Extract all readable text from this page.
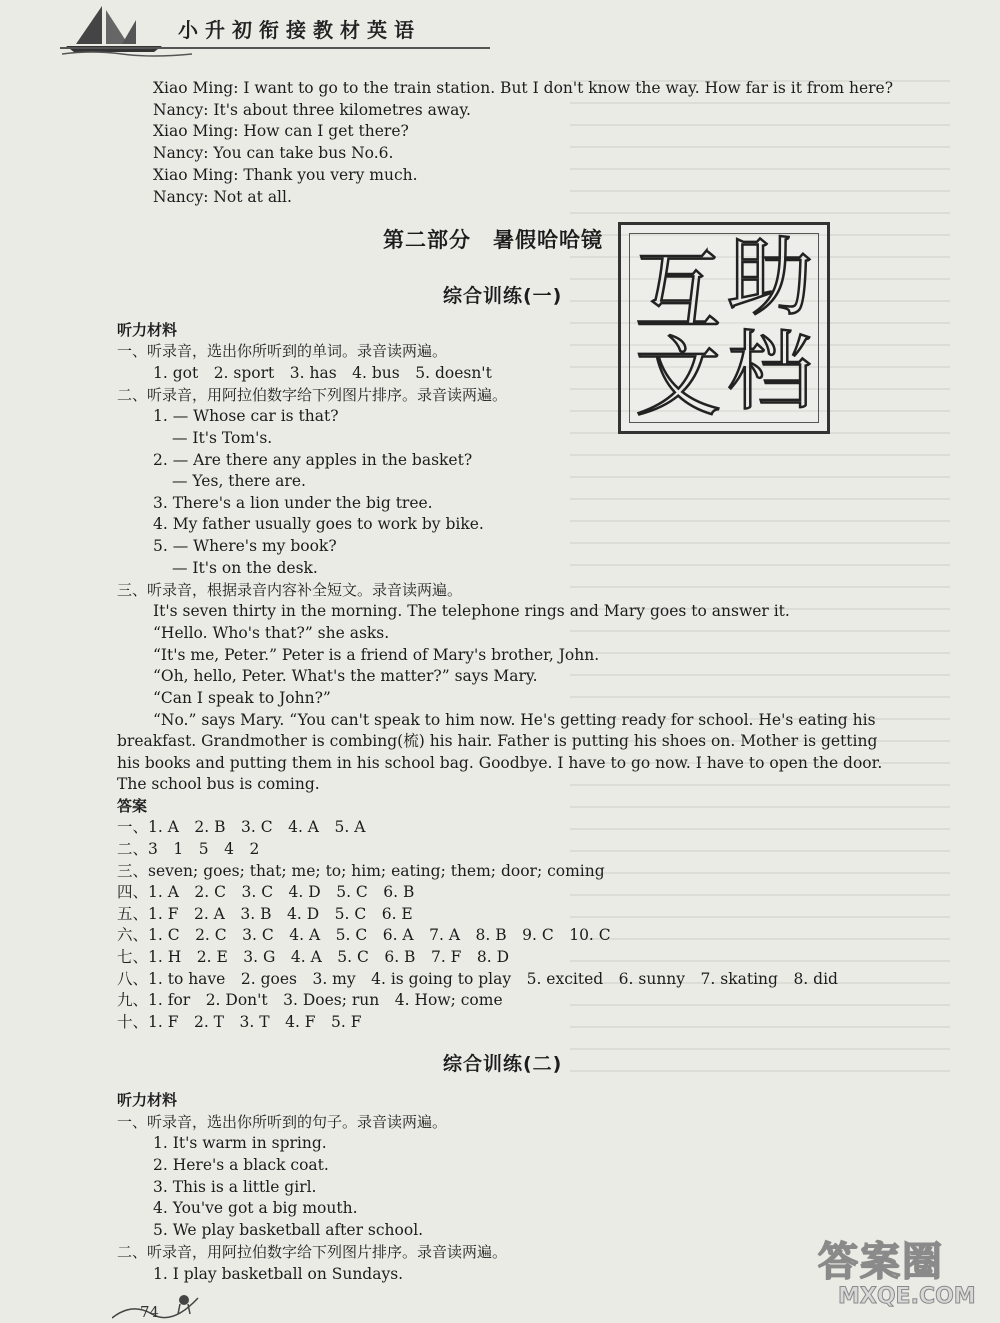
小升初衔接教材英语
Xiao Ming: I want to go to the train station. But I don't know the way. How far is it from here?
Nancy: It's about three kilometres away.
Xiao Ming: How can I get there?
Nancy: You can take bus No.6.
Xiao Ming: Thank you very much.
Nancy: Not at all.
第二部分　暑假哈哈镜
互 助
文 档
综合训练(一)
听力材料
一、听录音，选出你所听到的单词。录音读两遍。
1. got　2. sport　3. has　4. bus　5. doesn't
二、听录音，用阿拉伯数字给下列图片排序。录音读两遍。
1. — Whose car is that?
— It's Tom's.
2. — Are there any apples in the basket?
— Yes, there are.
3. There's a lion under the big tree.
4. My father usually goes to work by bike.
5. — Where's my book?
— It's on the desk.
三、听录音，根据录音内容补全短文。录音读两遍。
It's seven thirty in the morning. The telephone rings and Mary goes to answer it.
“Hello. Who's that?” she asks.
“It's me, Peter.” Peter is a friend of Mary's brother, John.
“Oh, hello, Peter. What's the matter?” says Mary.
“Can I speak to John?”
“No.” says Mary. “You can't speak to him now. He's getting ready for school. He's eating his
breakfast. Grandmother is combing(梳) his hair. Father is putting his shoes on. Mother is getting
his books and putting them in his school bag. Goodbye. I have to go now. I have to open the door.
The school bus is coming.
答案
一、1. A　2. B　3. C　4. A　5. A
二、3　1　5　4　2
三、seven; goes; that; me; to; him; eating; them; door; coming
四、1. A　2. C　3. C　4. D　5. C　6. B
五、1. F　2. A　3. B　4. D　5. C　6. E
六、1. C　2. C　3. C　4. A　5. C　6. A　7. A　8. B　9. C　10. C
七、1. H　2. E　3. G　4. A　5. C　6. B　7. F　8. D
八、1. to have　2. goes　3. my　4. is going to play　5. excited　6. sunny　7. skating　8. did
九、1. for　2. Don't　3. Does; run　4. How; come
十、1. F　2. T　3. T　4. F　5. F
综合训练(二)
听力材料
一、听录音，选出你所听到的句子。录音读两遍。
1. It's warm in spring.
2. Here's a black coat.
3. This is a little girl.
4. You've got a big mouth.
5. We play basketball after school.
二、听录音，用阿拉伯数字给下列图片排序。录音读两遍。
1. I play basketball on Sundays.
74
答案圈
MXQE.COM
